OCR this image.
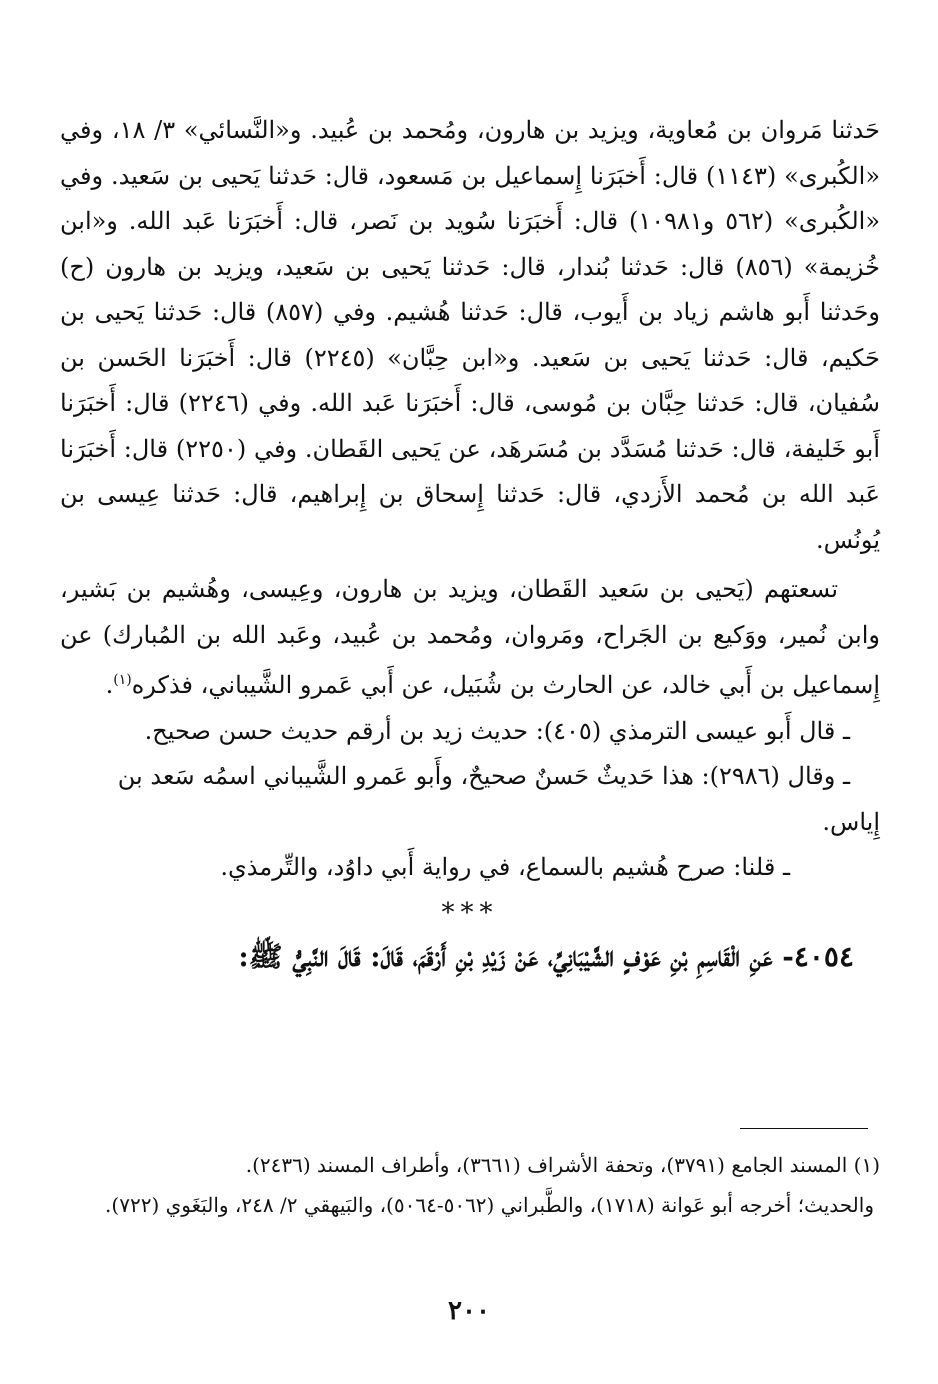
حَدثنا مَروان بن مُعاوية، ويزيد بن هارون، ومُحمد بن عُبيد. و«النَّسائي» ٣/ ١٨، وفي «الكُبرى» (١١٤٣) قال: أَخبَرَنا إِسماعيل بن مَسعود، قال: حَدثنا يَحيى بن سَعيد. وفي «الكُبرى» (٥٦٢ و١٠٩٨١) قال: أَخبَرَنا سُويد بن نَصر، قال: أَخبَرَنا عَبد الله. و«ابن خُزيمة» (٨٥٦) قال: حَدثنا بُندار، قال: حَدثنا يَحيى بن سَعيد، ويزيد بن هارون (ح) وحَدثنا أَبو هاشم زياد بن أَيوب، قال: حَدثنا هُشيم. وفي (٨٥٧) قال: حَدثنا يَحيى بن حَكيم، قال: حَدثنا يَحيى بن سَعيد. و«ابن حِبَّان» (٢٢٤٥) قال: أَخبَرَنا الحَسن بن سُفيان، قال: حَدثنا حِبَّان بن مُوسى، قال: أَخبَرَنا عَبد الله. وفي (٢٢٤٦) قال: أَخبَرَنا أَبو خَليفة، قال: حَدثنا مُسَدَّد بن مُسَرهَد، عن يَحيى القَطان. وفي (٢٢٥٠) قال: أَخبَرَنا عَبد الله بن مُحمد الأَزدي، قال: حَدثنا إِسحاق بن إِبراهيم، قال: حَدثنا عِيسى بن يُونُس.

تسعتهم (يَحيى بن سَعيد القَطان، ويزيد بن هارون، وعِيسى، وهُشيم بن بَشير، وابن نُمير، ووَكيع بن الجَراح، ومَروان، ومُحمد بن عُبيد، وعَبد الله بن المُبارك) عن إِسماعيل بن أَبي خالد، عن الحارث بن شُبَيل، عن أَبي عَمرو الشَّيباني، فذكره$^{(١)}$.

ـ قال أَبو عيسى الترمذي (٤٠٥): حديث زيد بن أرقم حديث حسن صحيح.

ـ وقال (٢٩٨٦): هذا حَديثٌ حَسنٌ صحيحٌ، وأَبو عَمرو الشَّيباني اسمُه سَعد بن إِياس.

ـ قلنا: صرح هُشيم بالسماع، في رواية أَبي داوُد، والتِّرمذي.

***

٤٠٥٤- عَنِ الْقَاسِمِ بْنِ عَوْفٍ الشَّيْبَانِيِّ، عَنْ زَيْدِ بْنِ أَرْقَمَ، قَالَ: قَالَ النَّبِيُّ ﷺ:

(١) المسند الجامع (٣٧٩١)، وتحفة الأشراف (٣٦٦١)، وأطراف المسند (٢٤٣٦).

والحديث؛ أخرجه أبو عَوانة (١٧١٨)، والطَّبراني (٥٠٦٢-٥٠٦٤)، والبَيهقي ٢/ ٢٤٨، والبَغَوي (٧٢٢).

٢٠٠
